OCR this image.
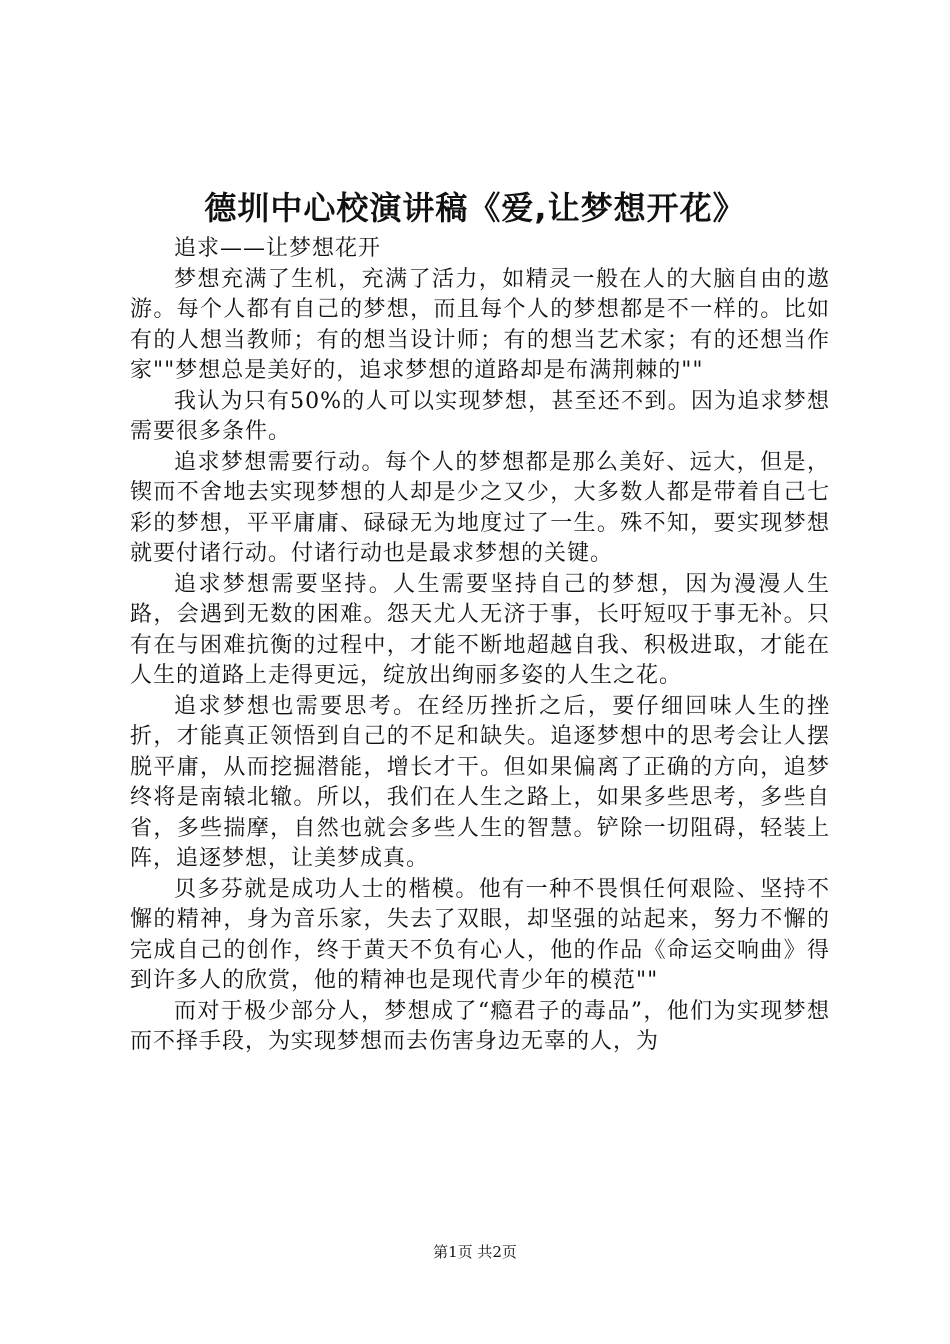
德圳中心校演讲稿《爱,让梦想开花》

追求——让梦想花开

梦想充满了生机，充满了活力，如精灵一般在人的大脑自由的遨游。每个人都有自己的梦想，而且每个人的梦想都是不一样的。比如有的人想当教师；有的想当设计师；有的想当艺术家；有的还想当作家""梦想总是美好的，追求梦想的道路却是布满荆棘的""

我认为只有50%的人可以实现梦想，甚至还不到。因为追求梦想需要很多条件。

追求梦想需要行动。每个人的梦想都是那么美好、远大，但是，锲而不舍地去实现梦想的人却是少之又少，大多数人都是带着自己七彩的梦想，平平庸庸、碌碌无为地度过了一生。殊不知，要实现梦想就要付诸行动。付诸行动也是最求梦想的关键。

追求梦想需要坚持。人生需要坚持自己的梦想，因为漫漫人生路，会遇到无数的困难。怨天尤人无济于事，长吁短叹于事无补。只有在与困难抗衡的过程中，才能不断地超越自我、积极进取，才能在人生的道路上走得更远，绽放出绚丽多姿的人生之花。

追求梦想也需要思考。在经历挫折之后，要仔细回味人生的挫折，才能真正领悟到自己的不足和缺失。追逐梦想中的思考会让人摆脱平庸，从而挖掘潜能，增长才干。但如果偏离了正确的方向，追梦终将是南辕北辙。所以，我们在人生之路上，如果多些思考，多些自省，多些揣摩，自然也就会多些人生的智慧。铲除一切阻碍，轻装上阵，追逐梦想，让美梦成真。

贝多芬就是成功人士的楷模。他有一种不畏惧任何艰险、坚持不懈的精神，身为音乐家，失去了双眼，却坚强的站起来，努力不懈的完成自己的创作，终于黄天不负有心人，他的作品《命运交响曲》得到许多人的欣赏，他的精神也是现代青少年的模范""

而对于极少部分人，梦想成了“瘾君子的毒品”，他们为实现梦想而不择手段，为实现梦想而去伤害身边无辜的人，为

第1页 共2页
